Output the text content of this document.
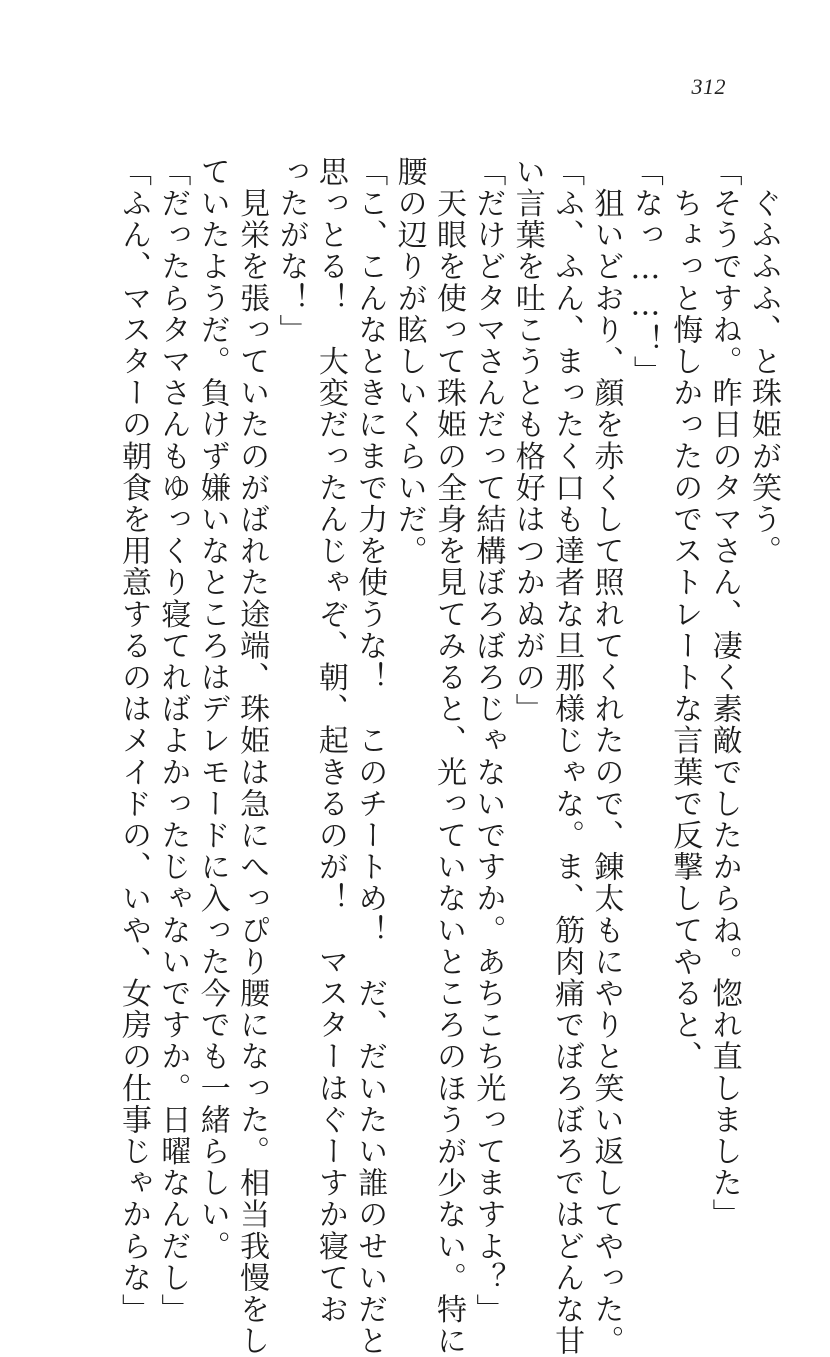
312
　ぐふふふ、と珠姫が笑う。
「そうですね。昨日のタマさん、凄く素敵でしたからね。惚れ直しました」
　ちょっと悔しかったのでストレートな言葉で反撃してやると、
「なっ……！」
　狙いどおり、顔を赤くして照れてくれたので、錬太もにやりと笑い返してやった。
「ふ、ふん、まったく口も達者な旦那様じゃな。ま、筋肉痛でぼろぼろではどんな甘
い言葉を吐こうとも格好はつかぬがの」
「だけどタマさんだって結構ぼろぼろじゃないですか。あちこち光ってますよ？」
　天眼を使って珠姫の全身を見てみると、光っていないところのほうが少ない。特に
腰の辺りが眩しいくらいだ。
「こ、こんなときにまで力を使うな！　このチートめ！　だ、だいたい誰のせいだと
思っとる！　大変だったんじゃぞ、朝、起きるのが！　マスターはぐーすか寝てお
ったがな！」
　見栄を張っていたのがばれた途端、珠姫は急にへっぴり腰になった。相当我慢をし
ていたようだ。負けず嫌いなところはデレモードに入った今でも一緒らしい。
「だったらタマさんもゆっくり寝てればよかったじゃないですか。日曜なんだし」
「ふん、マスターの朝食を用意するのはメイドの、いや、女房の仕事じゃからな」
